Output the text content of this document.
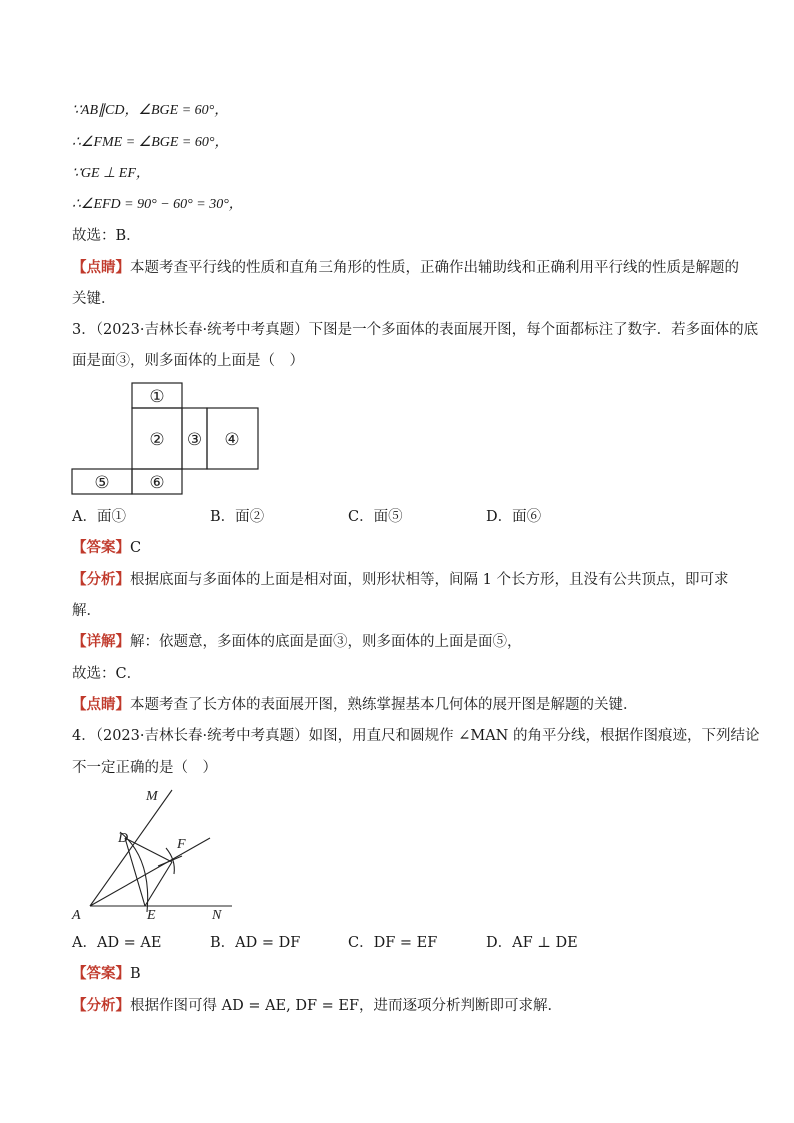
∵AB∥CD，∠BGE = 60°，
∴∠FME = ∠BGE = 60°，
∵GE ⊥ EF，
∴∠EFD = 90° − 60° = 30°，
故选：B．
【点睛】本题考查平行线的性质和直角三角形的性质，正确作出辅助线和正确利用平行线的性质是解题的
关键．
3．（2023·吉林长春·统考中考真题）下图是一个多面体的表面展开图，每个面都标注了数字．若多面体的底
面是面③，则多面体的上面是（　）
①
② ③ ④
⑤ ⑥
A．面①	B．面②	C．面⑤	D．面⑥
【答案】C
【分析】根据底面与多面体的上面是相对面，则形状相等，间隔 1 个长方形，且没有公共顶点，即可求
解．
【详解】解：依题意，多面体的底面是面③，则多面体的上面是面⑤，
故选：C．
【点睛】本题考查了长方体的表面展开图，熟练掌握基本几何体的展开图是解题的关键．
4．（2023·吉林长春·统考中考真题）如图，用直尺和圆规作 ∠MAN 的角平分线，根据作图痕迹，下列结论
不一定正确的是（　）
M
D	F
A	E	N
A．AD = AE	B．AD = DF	C．DF = EF	D．AF ⊥ DE
【答案】B
【分析】根据作图可得 AD = AE, DF = EF，进而逐项分析判断即可求解．
